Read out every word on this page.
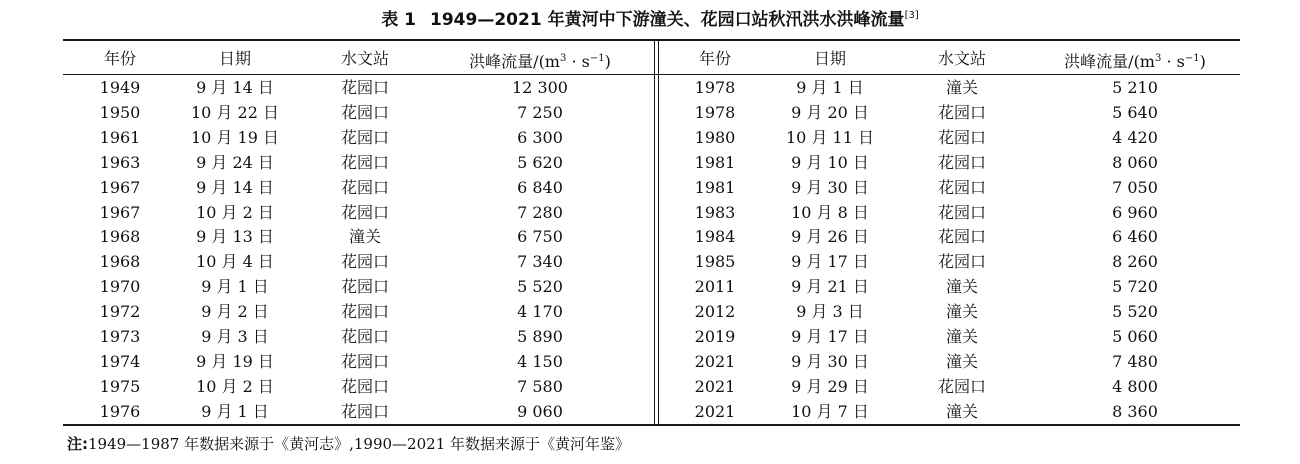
表 1 1949—2021 年黄河中下游潼关、花园口站秋汛洪水洪峰流量[3]
年份	日期	水文站	洪峰流量$/(m^3 \cdot s^{-1})$	年份	日期	水文站	洪峰流量$/(m^3 \cdot s^{-1})$
1949	9 月 14 日	花园口	12 300	1978	9 月 1 日	潼关	5 210
1950	10 月 22 日	花园口	7 250	1978	9 月 20 日	花园口	5 640
1961	10 月 19 日	花园口	6 300	1980	10 月 11 日	花园口	4 420
1963	9 月 24 日	花园口	5 620	1981	9 月 10 日	花园口	8 060
1967	9 月 14 日	花园口	6 840	1981	9 月 30 日	花园口	7 050
1967	10 月 2 日	花园口	7 280	1983	10 月 8 日	花园口	6 960
1968	9 月 13 日	潼关	6 750	1984	9 月 26 日	花园口	6 460
1968	10 月 4 日	花园口	7 340	1985	9 月 17 日	花园口	8 260
1970	9 月 1 日	花园口	5 520	2011	9 月 21 日	潼关	5 720
1972	9 月 2 日	花园口	4 170	2012	9 月 3 日	潼关	5 520
1973	9 月 3 日	花园口	5 890	2019	9 月 17 日	潼关	5 060
1974	9 月 19 日	花园口	4 150	2021	9 月 30 日	潼关	7 480
1975	10 月 2 日	花园口	7 580	2021	9 月 29 日	花园口	4 800
1976	9 月 1 日	花园口	9 060	2021	10 月 7 日	潼关	8 360
注:1949—1987 年数据来源于《黄河志》,1990—2021 年数据来源于《黄河年鉴》
